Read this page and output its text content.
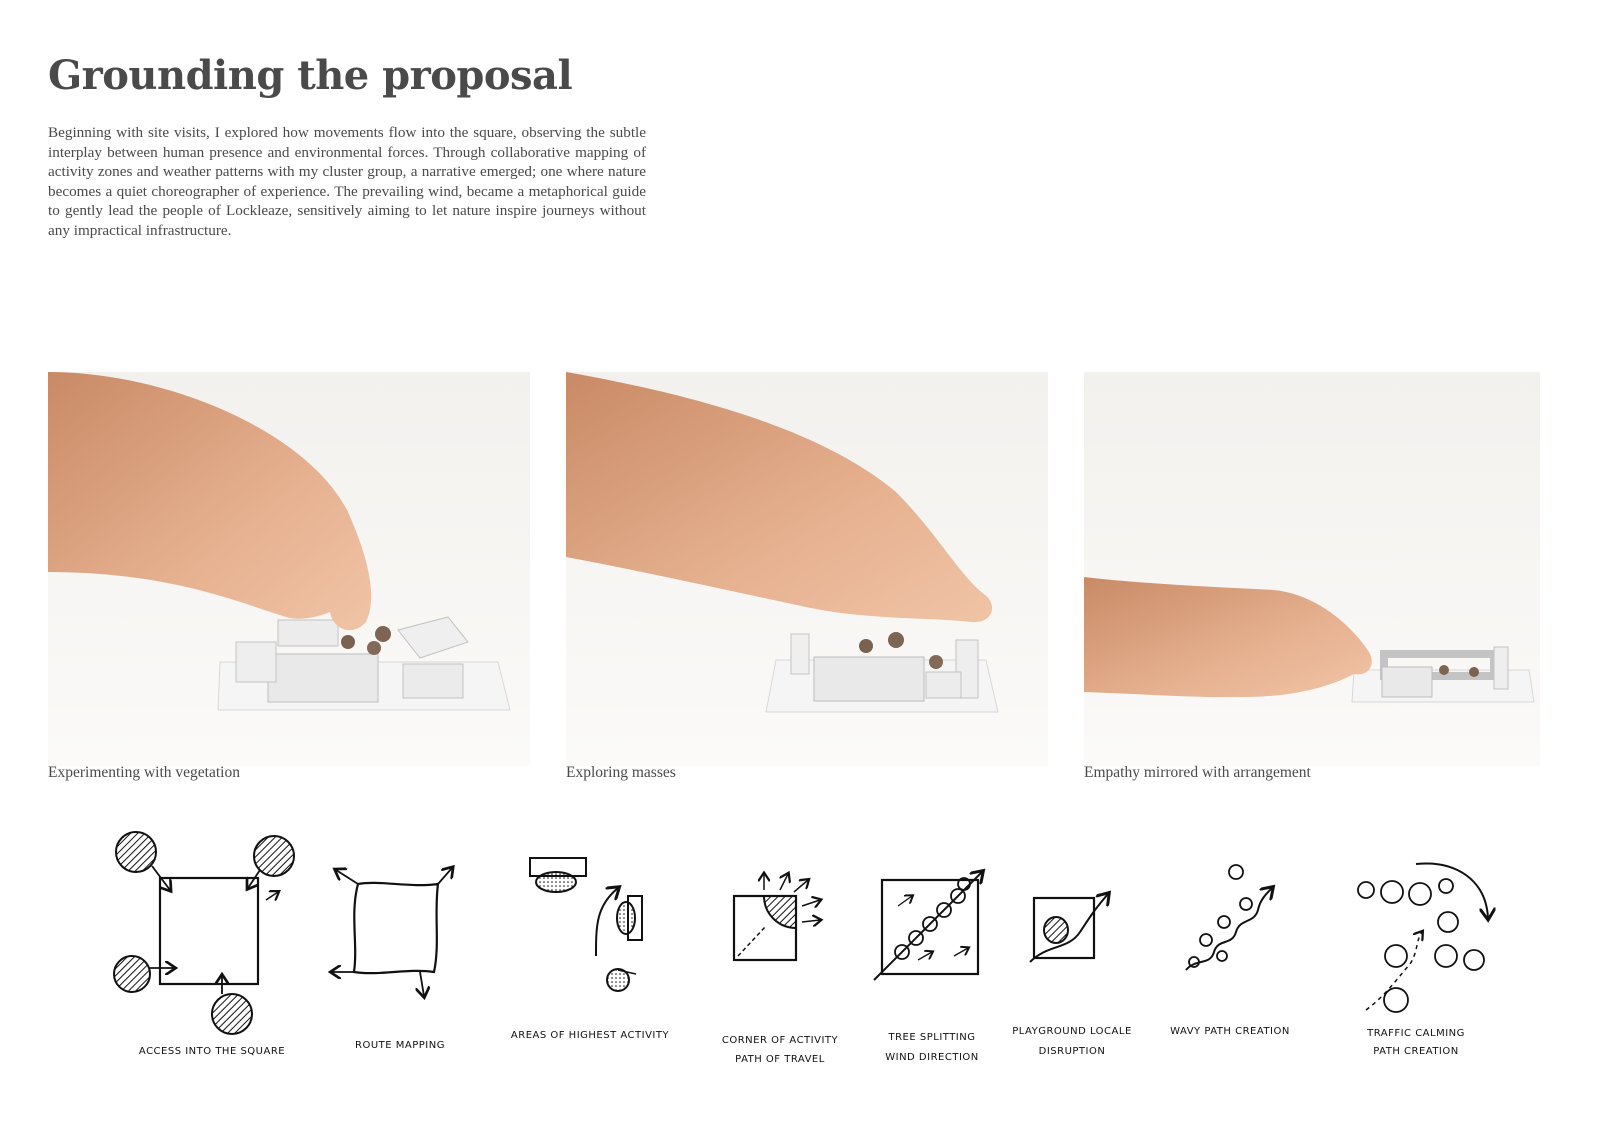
Grounding the proposal

Beginning with site visits, I explored how movements flow into the square, observing the subtle interplay between human presence and environmental forces. Through collaborative mapping of activity zones and weather patterns with my cluster group, a narrative emerged; one where nature becomes a quiet choreographer of experience. The prevailing wind, became a metaphorical guide to gently lead the people of Lockleaze, sensitively aiming to let nature inspire journeys without any impractical infrastructure.

Experimenting with vegetation	Exploring masses	Empathy mirrored with arrangement

ACCESS INTO THE SQUARE
ROUTE MAPPING
AREAS OF HIGHEST ACTIVITY	CORNER OF ACTIVITY
PATH OF TRAVEL
TREE SPLITTING
WIND DIRECTION
PLAYGROUND LOCALE
DISRUPTION
WAVY PATH CREATION	TRAFFIC CALMING
PATH CREATION
